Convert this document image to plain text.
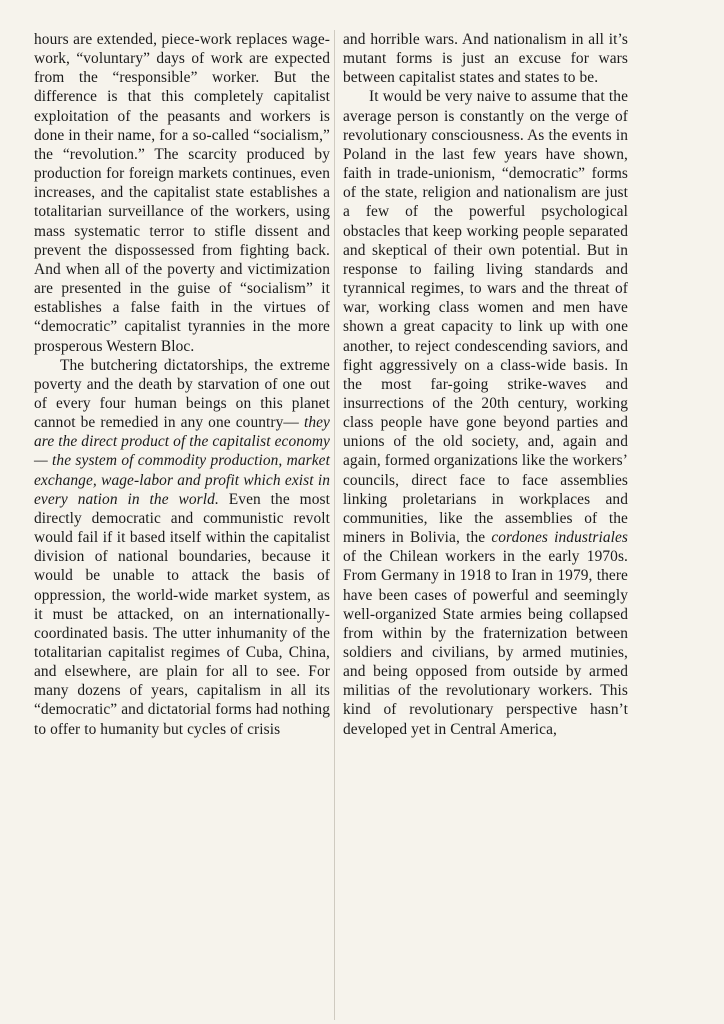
hours are extended, piece-work replaces wage-work, “voluntary” days of work are expected from the “responsible” worker. But the difference is that this completely capitalist exploitation of the peasants and workers is done in their name, for a so-called “socialism,” the “revolution.” The scarcity produced by production for foreign markets continues, even increases, and the capitalist state establishes a totalitarian surveillance of the workers, using mass systematic terror to stifle dissent and prevent the dispossessed from fighting back. And when all of the poverty and victimization are presented in the guise of “socialism” it establishes a false faith in the virtues of “democratic” capitalist tyrannies in the more prosperous Western Bloc.

The butchering dictatorships, the extreme poverty and the death by starvation of one out of every four human beings on this planet cannot be remedied in any one country— they are the direct product of the capitalist economy— the system of commodity production, market exchange, wage-labor and profit which exist in every nation in the world. Even the most directly democratic and communistic revolt would fail if it based itself within the capitalist division of national boundaries, because it would be unable to attack the basis of oppression, the world-wide market system, as it must be attacked, on an internationally-coordinated basis. The utter inhumanity of the totalitarian capitalist regimes of Cuba, China, and elsewhere, are plain for all to see. For many dozens of years, capitalism in all its “democratic” and dictatorial forms had nothing to offer to humanity but cycles of crisis

and horrible wars. And nationalism in all it’s mutant forms is just an excuse for wars between capitalist states and states to be.

It would be very naive to assume that the average person is constantly on the verge of revolutionary consciousness. As the events in Poland in the last few years have shown, faith in trade-unionism, “democratic” forms of the state, religion and nationalism are just a few of the powerful psychological obstacles that keep working people separated and skeptical of their own potential. But in response to failing living standards and tyrannical regimes, to wars and the threat of war, working class women and men have shown a great capacity to link up with one another, to reject condescending saviors, and fight aggressively on a class-wide basis. In the most far-going strike-waves and insurrections of the 20th century, working class people have gone beyond parties and unions of the old society, and, again and again, formed organizations like the workers’ councils, direct face to face assemblies linking proletarians in workplaces and communities, like the assemblies of the miners in Bolivia, the cordones industriales of the Chilean workers in the early 1970s. From Germany in 1918 to Iran in 1979, there have been cases of powerful and seemingly well-organized State armies being collapsed from within by the fraternization between soldiers and civilians, by armed mutinies, and being opposed from outside by armed militias of the revolutionary workers. This kind of revolutionary perspective hasn’t developed yet in Central America,
